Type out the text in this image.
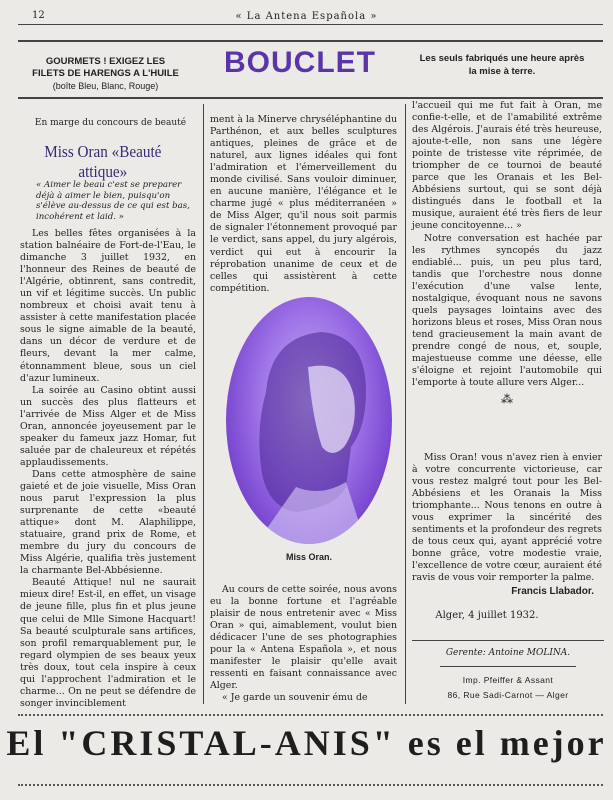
12	« La Antena Española »
GOURMETS ! EXIGEZ LES
FILETS DE HARENGS A L'HUILE
(boîte Bleu, Blanc, Rouge)
BOUCLET	Les seuls fabriqués une heure après
la mise à terre.
En marge du concours de beauté
Miss Oran «Beauté attique»
« Aimer le beau c'est se preparer déjà à aimer le bien, puisqu'on s'élève au-dessus de ce qui est bas, incohérent et laid. »

Les belles fêtes organisées à la station balnéaire de Fort-de-l'Eau, le dimanche 3 juillet 1932, en l'honneur des Reines de beauté de l'Algérie, obtinrent, sans contredit, un vif et légitime succès. Un public nombreux et choisi avait tenu à assister à cette manifestation placée sous le signe aimable de la beauté, dans un décor de verdure et de fleurs, devant la mer calme, étonnamment bleue, sous un ciel d'azur lumineux.

La soirée au Casino obtint aussi un succès des plus flatteurs et l'arrivée de Miss Alger et de Miss Oran, annoncée joyeusement par le speaker du fameux jazz Homar, fut saluée par de chaleureux et répétés applaudissements.

Dans cette atmosphère de saine gaieté et de joie visuelle, Miss Oran nous parut l'expression la plus surprenante de cette «beauté attique» dont M. Alaphilippe, statuaire, grand prix de Rome, et membre du jury du concours de Miss Algérie, qualifia très justement la charmante Bel-Abbésienne.

Beauté Attique! nul ne saurait mieux dire! Est-il, en effet, un visage de jeune fille, plus fin et plus jeune que celui de Mlle Simone Hacquart! Sa beauté sculpturale sans artifices, son profil remarquablement pur, le regard olympien de ses beaux yeux très doux, tout cela inspire à ceux qui l'approchent l'admiration et le charme... On ne peut se défendre de songer invinciblement

ment à la Minerve chryséléphantine du Parthénon, et aux belles sculptures antiques, pleines de grâce et de naturel, aux lignes idéales qui font l'admiration et l'émerveillement du monde civilisé. Sans vouloir diminuer, en aucune manière, l'élégance et le charme jugé « plus méditerranéen » de Miss Alger, qu'il nous soit parmis de signaler l'étonnement provoqué par le verdict, sans appel, du jury algérois, verdict qui eut à encourir la réprobation unanime de ceux et de celles qui assistèrent à cette compétition.

Miss Oran.

Au cours de cette soirée, nous avons eu la bonne fortune et l'agréable plaisir de nous entretenir avec « Miss Oran » qui, aimablement, voulut bien dédicacer l'une de ses photographies pour la « Antena Española », et nous manifester le plaisir qu'elle avait ressenti en faisant connaissance avec Alger.

« Je garde un souvenir ému de

l'accueil qui me fut fait à Oran, me confie-t-elle, et de l'amabilité extrême des Algérois. J'aurais été très heureuse, ajoute-t-elle, non sans une légère pointe de tristesse vite réprimée, de triompher de ce tournoi de beauté parce que les Oranais et les Bel-Abbésiens surtout, qui se sont déjà distingués dans le football et la musique, auraient été très fiers de leur jeune concitoyenne... »

Notre conversation est hachée par les rythmes syncopés du jazz endiablé... puis, un peu plus tard, tandis que l'orchestre nous donne l'exécution d'une valse lente, nostalgique, évoquant nous ne savons quels paysages lointains avec des horizons bleus et roses, Miss Oran nous tend gracieusement la main avant de prendre congé de nous, et, souple, majestueuse comme une déesse, elle s'éloigne et rejoint l'automobile qui l'emporte à toute allure vers Alger...

⁂

Miss Oran! vous n'avez rien à envier à votre concurrente victorieuse, car vous restez malgré tout pour les Bel-Abbésiens et les Oranais la Miss triomphante... Nous tenons en outre à vous exprimer la sincérité des sentiments et la profondeur des regrets de tous ceux qui, ayant apprécié votre bonne grâce, votre modestie vraie, l'excellence de votre cœur, auraient été ravis de vous voir remporter la palme.

Francis Llabador.
Alger, 4 juillet 1932.
Gerente: Antoine MOLINA.
Imp. Pfeiffer & Assant
86, Rue Sadi-Carnot — Alger
El "CRISTAL-ANIS" es el mejor
